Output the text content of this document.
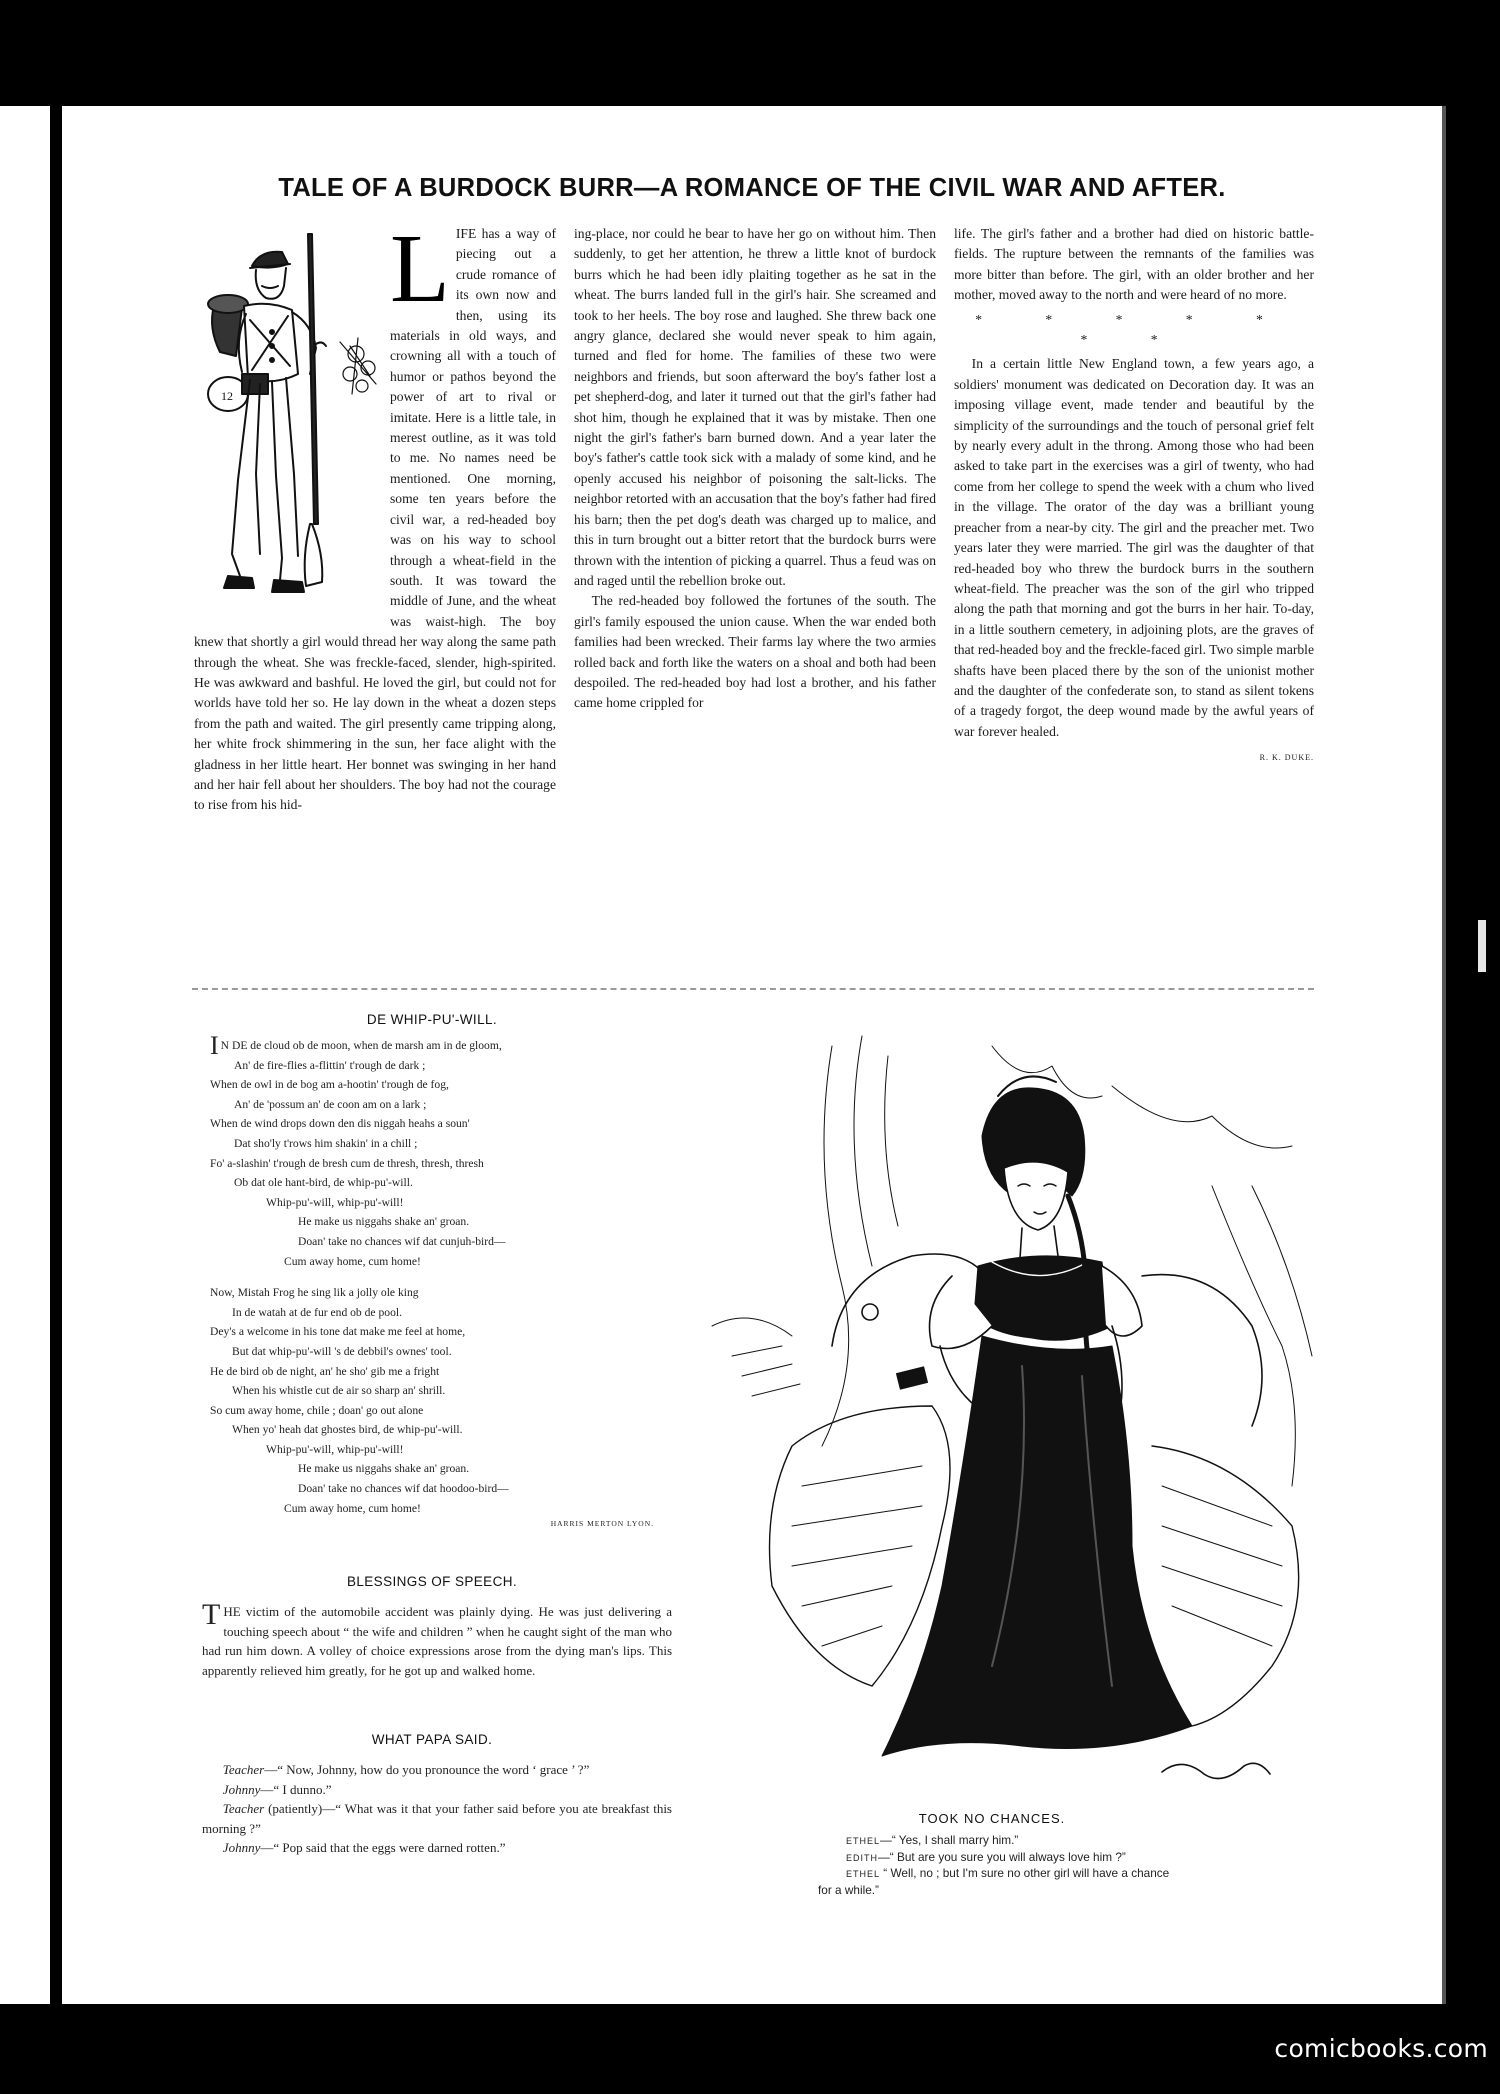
TALE OF A BURDOCK BURR—A ROMANCE OF THE CIVIL WAR AND AFTER.
12
L IFE has a way of piecing out a crude romance of its own now and then, using its materials in old ways, and crowning all with a touch of humor or pathos beyond the power of art to rival or imitate. Here is a little tale, in merest outline, as it was told to me. No names need be mentioned. One morning, some ten years before the civil war, a red-headed boy was on his way to school through a wheat-field in the south. It was toward the middle of June, and the wheat was waist-high. The boy knew that shortly a girl would thread her way along the same path through the wheat. She was freckle-faced, slender, high-spirited. He was awkward and bashful. He loved the girl, but could not for worlds have told her so. He lay down in the wheat a dozen steps from the path and waited. The girl presently came tripping along, her white frock shimmering in the sun, her face alight with the gladness in her little heart. Her bonnet was swinging in her hand and her hair fell about her shoulders. The boy had not the courage to rise from his hid-

ing-place, nor could he bear to have her go on without him. Then suddenly, to get her attention, he threw a little knot of burdock burrs which he had been idly plaiting together as he sat in the wheat. The burrs landed full in the girl's hair. She screamed and took to her heels. The boy rose and laughed. She threw back one angry glance, declared she would never speak to him again, turned and fled for home. The families of these two were neighbors and friends, but soon afterward the boy's father lost a pet shepherd-dog, and later it turned out that the girl's father had shot him, though he explained that it was by mistake. Then one night the girl's father's barn burned down. And a year later the boy's father's cattle took sick with a malady of some kind, and he openly accused his neighbor of poisoning the salt-licks. The neighbor retorted with an accusation that the boy's father had fired his barn; then the pet dog's death was charged up to malice, and this in turn brought out a bitter retort that the burdock burrs were thrown with the intention of picking a quarrel. Thus a feud was on and raged until the rebellion broke out.

The red-headed boy followed the fortunes of the south. The girl's family espoused the union cause. When the war ended both families had been wrecked. Their farms lay where the two armies rolled back and forth like the waters on a shoal and both had been despoiled. The red-headed boy had lost a brother, and his father came home crippled for

life. The girl's father and a brother had died on historic battle-fields. The rupture between the remnants of the families was more bitter than before. The girl, with an older brother and her mother, moved away to the north and were heard of no more.

* * * * * * *

In a certain little New England town, a few years ago, a soldiers' monument was dedicated on Decoration day. It was an imposing village event, made tender and beautiful by the simplicity of the surroundings and the touch of personal grief felt by nearly every adult in the throng. Among those who had been asked to take part in the exercises was a girl of twenty, who had come from her college to spend the week with a chum who lived in the village. The orator of the day was a brilliant young preacher from a near-by city. The girl and the preacher met. Two years later they were married. The girl was the daughter of that red-headed boy who threw the burdock burrs in the southern wheat-field. The preacher was the son of the girl who tripped along the path that morning and got the burrs in her hair. To-day, in a little southern cemetery, in adjoining plots, are the graves of that red-headed boy and the freckle-faced girl. Two simple marble shafts have been placed there by the son of the unionist mother and the daughter of the confederate son, to stand as silent tokens of a tragedy forgot, the deep wound made by the awful years of war forever healed.

R. K. DUKE.
DE WHIP-PU'-WILL.
I N DE de cloud ob de moon, when de marsh am in de gloom,
An' de fire-flies a-flittin' t'rough de dark ;
When de owl in de bog am a-hootin' t'rough de fog,
An' de 'possum an' de coon am on a lark ;
When de wind drops down den dis niggah heahs a soun'
Dat sho'ly t'rows him shakin' in a chill ;
Fo' a-slashin' t'rough de bresh cum de thresh, thresh, thresh
Ob dat ole hant-bird, de whip-pu'-will.
Whip-pu'-will, whip-pu'-will!
He make us niggahs shake an' groan.
Doan' take no chances wif dat cunjuh-bird—
Cum away home, cum home!
Now, Mistah Frog he sing lik a jolly ole king
In de watah at de fur end ob de pool.
Dey's a welcome in his tone dat make me feel at home,
But dat whip-pu'-will 's de debbil's ownes' tool.
He de bird ob de night, an' he sho' gib me a fright
When his whistle cut de air so sharp an' shrill.
So cum away home, chile ; doan' go out alone
When yo' heah dat ghostes bird, de whip-pu'-will.
Whip-pu'-will, whip-pu'-will!
He make us niggahs shake an' groan.
Doan' take no chances wif dat hoodoo-bird—
Cum away home, cum home!
HARRIS MERTON LYON.
BLESSINGS OF SPEECH.

THE victim of the automobile accident was plainly dying. He was just delivering a touching speech about “ the wife and children ” when he caught sight of the man who had run him down. A volley of choice expressions arose from the dying man's lips. This apparently relieved him greatly, for he got up and walked home.

WHAT PAPA SAID.

Teacher—“ Now, Johnny, how do you pronounce the word ‘ grace ’ ?”

Johnny—“ I dunno.”

Teacher (patiently)—“ What was it that your father said before you ate breakfast this morning ?”

Johnny—“ Pop said that the eggs were darned rotten.”

TOOK NO CHANCES.
ETHEL—“ Yes, I shall marry him.”
EDITH—“ But are you sure you will always love him ?”
ETHEL “ Well, no ; but I'm sure no other girl will have a chance
for a while.”
comicbooks.com
